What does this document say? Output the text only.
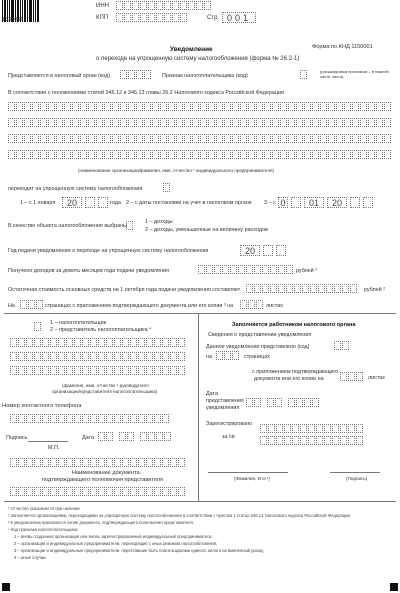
15330017
ИНН
КПП	Стр. 001
Форма по КНД 1150001
Уведомление
о переходе на упрощенную систему налогообложения (форма № 26.2-1)
Представляется в налоговый орган (код)	Признак налогоплательщика (код)
(расшифровка признаков – в нижней части листа)
В соответствии с положениями статей 346.12 и 346.13 главы 26.2 Налогового кодекса Российской Федерации
(наименование организации/фамилия, имя, отчество ¹ индивидуального предпринимателя)
переходит на упрощенную систему налогообложения
1 – с 1 января	20	года 2 – с даты постановки на учет в налоговом органе 3 – с 0	01	20
В качестве объекта налогообложения выбраны
1 – доходы
2 – доходы, уменьшенные на величину расходов
Год подачи уведомления о переходе на упрощенную систему налогообложения	20
Получено доходов за девять месяцев года подачи уведомления	рублей ²
Остаточная стоимость основных средств на 1 октября года подачи уведомления составляет	рублей ²
На	страницах с приложением подтверждающего документа или его копии ³ на	листах
1 – налогоплательщик
2 – представитель налогоплательщика ⁴
(фамилия, имя, отчество ¹ руководителя
организации/представителя налогоплательщика)
Номер контактного телефона
Подпись	Дата
М.П.
Наименование документа,
подтверждающего полномочия представителя
Заполняется работником налогового органа
Сведения о представлении уведомления
Данное уведомление представлено (код)
на	страницах
с приложением подтверждающего
документа или его копии на	листах
Дата
представления
уведомления
Зарегистрировано
за №
(Фамилия, И.О.¹)	(Подпись)
¹ Отчество указывается при наличии.
² Заполняется организациями, переходящими на упрощенную систему налогообложения в соответствии с пунктом 1 статьи 346.13 Налогового кодекса Российской Федерации.
³ К уведомлению прилагается копия документа, подтверждающего полномочия представителя.
⁴ Код признака налогоплательщика:
1 – вновь созданная организация или вновь зарегистрированный индивидуальный предприниматель;
2 – организации и индивидуальные предприниматели, переходящие с иных режимов налогообложения;
3 – организации и индивидуальные предприниматели, переставшие быть плательщиками единого налога на вмененный доход;
4 – иные случаи.
